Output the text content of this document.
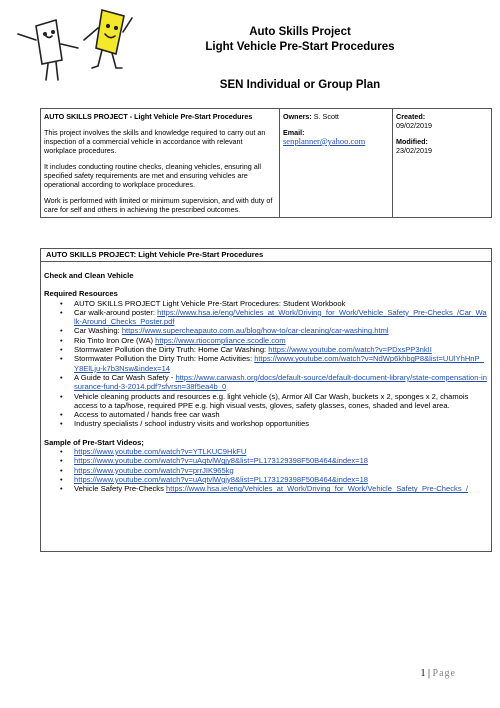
Auto Skills Project
Light Vehicle Pre-Start Procedures
SEN Individual or Group Plan
AUTO SKILLS PROJECT - Light Vehicle Pre-Start Procedures
This project involves the skills and knowledge required to carry out an inspection of a commercial vehicle in accordance with relevant workplace procedures.
It includes conducting routine checks, cleaning vehicles, ensuring all specified safety requirements are met and ensuring vehicles are operational according to workplace procedures.
Work is performed with limited or minimum supervision, and with duty of care for self and others in achieving the prescribed outcomes.

Owners: S. Scott
Email:
senplanner@yahoo.com

Created:
09/02/2019
Modified:
23/02/2019
AUTO SKILLS PROJECT: Light Vehicle Pre-Start Procedures
Check and Clean Vehicle
Required Resources
• AUTO SKILLS PROJECT Light Vehicle Pre-Start Procedures: Student Workbook
• Car walk-around poster: https://www.hsa.ie/eng/Vehicles_at_Work/Driving_for_Work/Vehicle_Safety_Pre-Checks_/Car_Walk-Around_Checks_Poster.pdf
• Car Washing: https://www.supercheapauto.com.au/blog/how-to/car-cleaning/car-washing.html
• Rio Tinto Iron Ore (WA) https://www.rtiocompliance.scodle.com
• Stormwater Pollution the Dirty Truth: Home Car Washing: https://www.youtube.com/watch?v=PDxsPP3nkII
• Stormwater Pollution the Dirty Truth: Home Activities: https://www.youtube.com/watch?v=NdWp6khbgP8&list=UUlYhHnP_Y8ElLju-k7b3Nsw&index=14
• A Guide to Car Wash Safety - https://www.carwash.org/docs/default-source/default-document-library/state-compensation-insurance-fund-3-2014.pdf?sfvrsn=38f5ea4b_0
• Vehicle cleaning products and resources e.g. light vehicle (s), Armor All Car Wash, buckets x 2, sponges x 2, chamois access to a tap/hose, required PPE e.g. high visual vests, gloves, safety glasses, cones, shaded and level area.
• Access to automated / hands free car wash
• Industry specialists / school industry visits and workshop opportunities
Sample of Pre-Start Videos;
• https://www.youtube.com/watch?v=YTLKUC9HkFU
• https://www.youtube.com/watch?v=uAqtvlWgjy8&list=PL173129398F50B464&index=18
• https://www.youtube.com/watch?v=prrJIK965kg
• https://www.youtube.com/watch?v=uAqtvlWgjy8&list=PL173129398F50B464&index=18
• Vehicle Safety Pre-Checks https://www.hsa.ie/eng/Vehicles_at_Work/Driving_for_Work/Vehicle_Safety_Pre-Checks_/
1 | Page
